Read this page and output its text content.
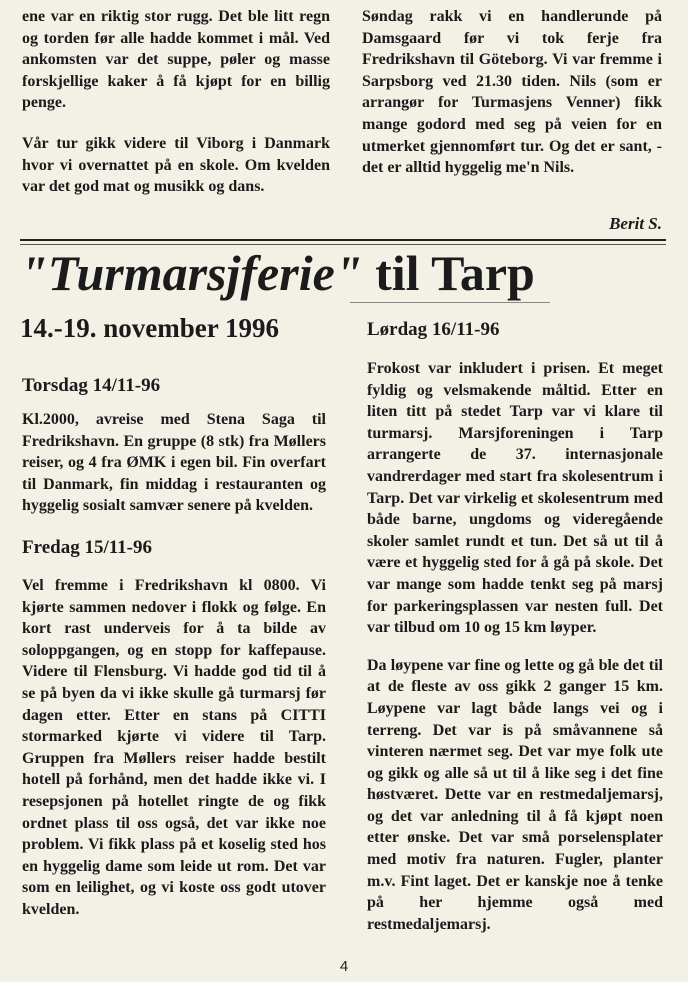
ene var en riktig stor rugg. Det ble litt regn og torden før alle hadde kommet i mål. Ved ankomsten var det suppe, pøler og masse forskjellige kaker å få kjøpt for en billig penge.

Vår tur gikk videre til Viborg i Danmark hvor vi overnattet på en skole. Om kvelden var det god mat og musikk og dans.

Søndag rakk vi en handlerunde på Damsgaard før vi tok ferje fra Fredrikshavn til Göteborg. Vi var fremme i Sarpsborg ved 21.30 tiden. Nils (som er arrangør for Turmasjens Venner) fikk mange godord med seg på veien for en utmerket gjennomført tur. Og det er sant, - det er alltid hyggelig me'n Nils.

Berit S.
"Turmarsjferie" til Tarp
14.-19. november 1996
Torsdag 14/11-96

Kl.2000, avreise med Stena Saga til Fredrikshavn. En gruppe (8 stk) fra Møllers reiser, og 4 fra ØMK i egen bil. Fin overfart til Danmark, fin middag i restauranten og hyggelig sosialt samvær senere på kvelden.

Fredag 15/11-96

Vel fremme i Fredrikshavn kl 0800. Vi kjørte sammen nedover i flokk og følge. En kort rast underveis for å ta bilde av soloppgangen, og en stopp for kaffepause. Videre til Flensburg. Vi hadde god tid til å se på byen da vi ikke skulle gå turmarsj før dagen etter. Etter en stans på CITTI stormarked kjørte vi videre til Tarp. Gruppen fra Møllers reiser hadde bestilt hotell på forhånd, men det hadde ikke vi. I resepsjonen på hotellet ringte de og fikk ordnet plass til oss også, det var ikke noe problem. Vi fikk plass på et koselig sted hos en hyggelig dame som leide ut rom. Det var som en leilighet, og vi koste oss godt utover kvelden.

Lørdag 16/11-96

Frokost var inkludert i prisen. Et meget fyldig og velsmakende måltid. Etter en liten titt på stedet Tarp var vi klare til turmarsj. Marsjforeningen i Tarp arrangerte de 37. internasjonale vandrerdager med start fra skolesentrum i Tarp. Det var virkelig et skolesentrum med både barne, ungdoms og videregående skoler samlet rundt et tun. Det så ut til å være et hyggelig sted for å gå på skole. Det var mange som hadde tenkt seg på marsj for parkeringsplassen var nesten full. Det var tilbud om 10 og 15 km løyper.

Da løypene var fine og lette og gå ble det til at de fleste av oss gikk 2 ganger 15 km. Løypene var lagt både langs vei og i terreng. Det var is på småvannene så vinteren nærmet seg. Det var mye folk ute og gikk og alle så ut til å like seg i det fine høstværet. Dette var en restmedaljemarsj, og det var anledning til å få kjøpt noen etter ønske. Det var små porselensplater med motiv fra naturen. Fugler, planter m.v. Fint laget. Det er kanskje noe å tenke på her hjemme også med restmedaljemarsj.

4
